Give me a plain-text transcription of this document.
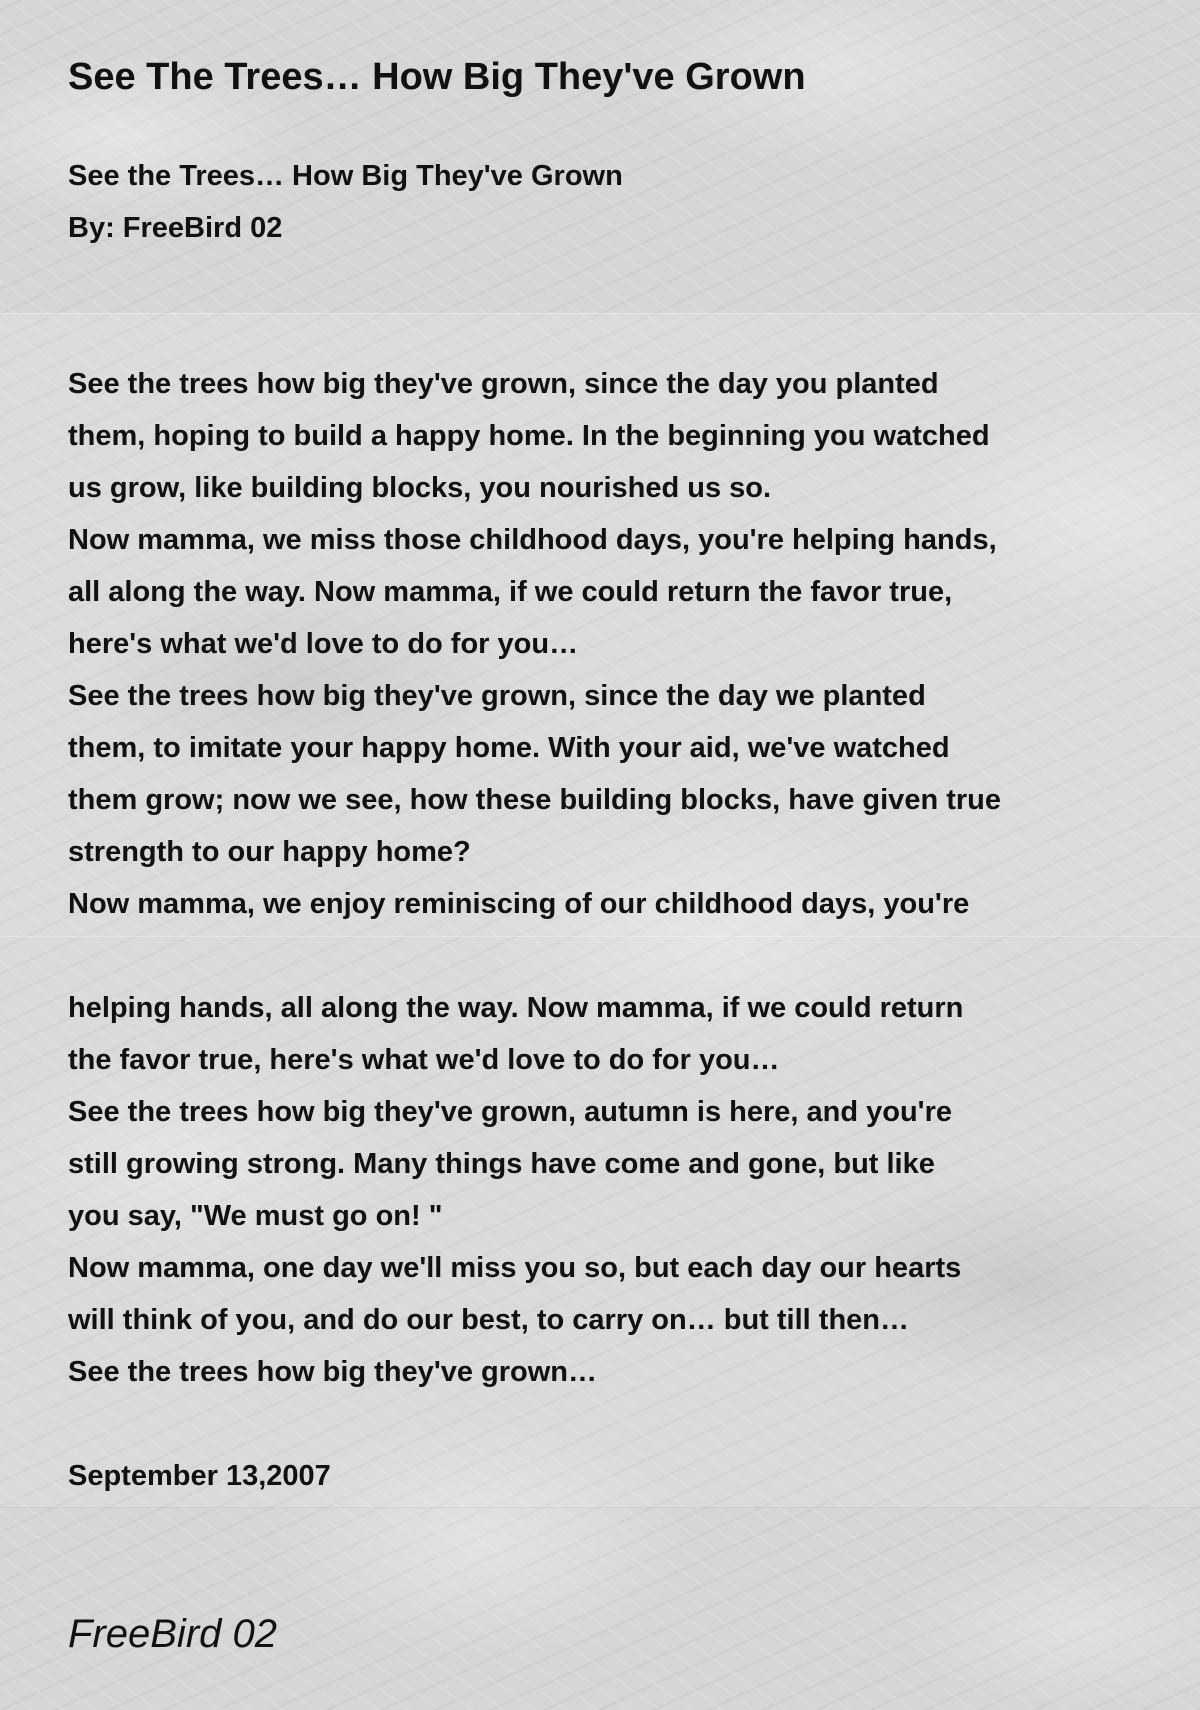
See The Trees… How Big They've Grown
See the Trees… How Big They've Grown
By: FreeBird 02
See the trees how big they've grown, since the day you planted
them, hoping to build a happy home. In the beginning you watched
us grow, like building blocks, you nourished us so.
Now mamma, we miss those childhood days, you're helping hands,
all along the way. Now mamma, if we could return the favor true,
here's what we'd love to do for you…
See the trees how big they've grown, since the day we planted
them, to imitate your happy home. With your aid, we've watched
them grow; now we see, how these building blocks, have given true
strength to our happy home?
Now mamma, we enjoy reminiscing of our childhood days, you're
helping hands, all along the way. Now mamma, if we could return
the favor true, here's what we'd love to do for you…
See the trees how big they've grown, autumn is here, and you're
still growing strong. Many things have come and gone, but like
you say, "We must go on! "
Now mamma, one day we'll miss you so, but each day our hearts
will think of you, and do our best, to carry on… but till then…
See the trees how big they've grown…
September 13,2007
FreeBird 02
